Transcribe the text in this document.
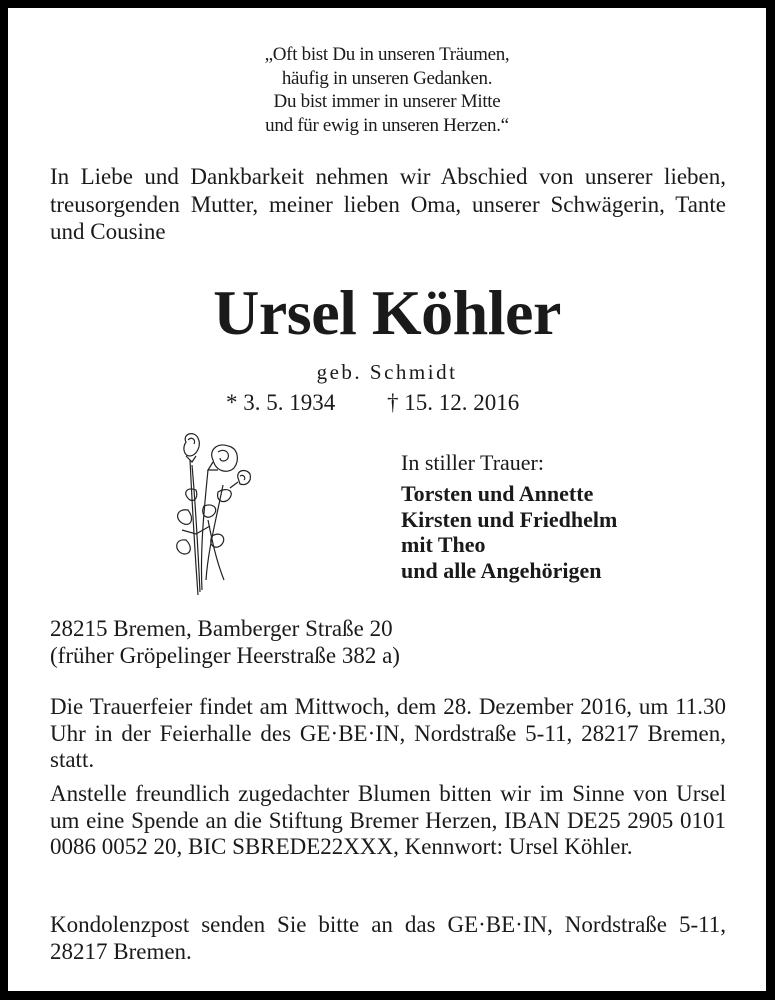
„Oft bist Du in unseren Träumen,
häufig in unseren Gedanken.
Du bist immer in unserer Mitte
und für ewig in unseren Herzen.“
In Liebe und Dankbarkeit nehmen wir Abschied von unserer lieben, treusorgenden Mutter, meiner lieben Oma, unserer Schwägerin, Tante und Cousine
Ursel Köhler
geb. Schmidt
* 3. 5. 1934 † 15. 12. 2016
In stiller Trauer:
Torsten und Annette
Kirsten und Friedhelm
mit Theo
und alle Angehörigen
28215 Bremen, Bamberger Straße 20
(früher Gröpelinger Heerstraße 382 a)
Die Trauerfeier findet am Mittwoch, dem 28. Dezember 2016, um 11.30 Uhr in der Feierhalle des GE·BE·IN, Nordstraße 5-11, 28217 Bremen, statt.
Anstelle freundlich zugedachter Blumen bitten wir im Sinne von Ursel um eine Spende an die Stiftung Bremer Herzen, IBAN DE25 2905 0101 0086 0052 20, BIC SBREDE22XXX, Kennwort: Ursel Köhler.
Kondolenzpost senden Sie bitte an das GE·BE·IN, Nordstraße 5-11, 28217 Bremen.
